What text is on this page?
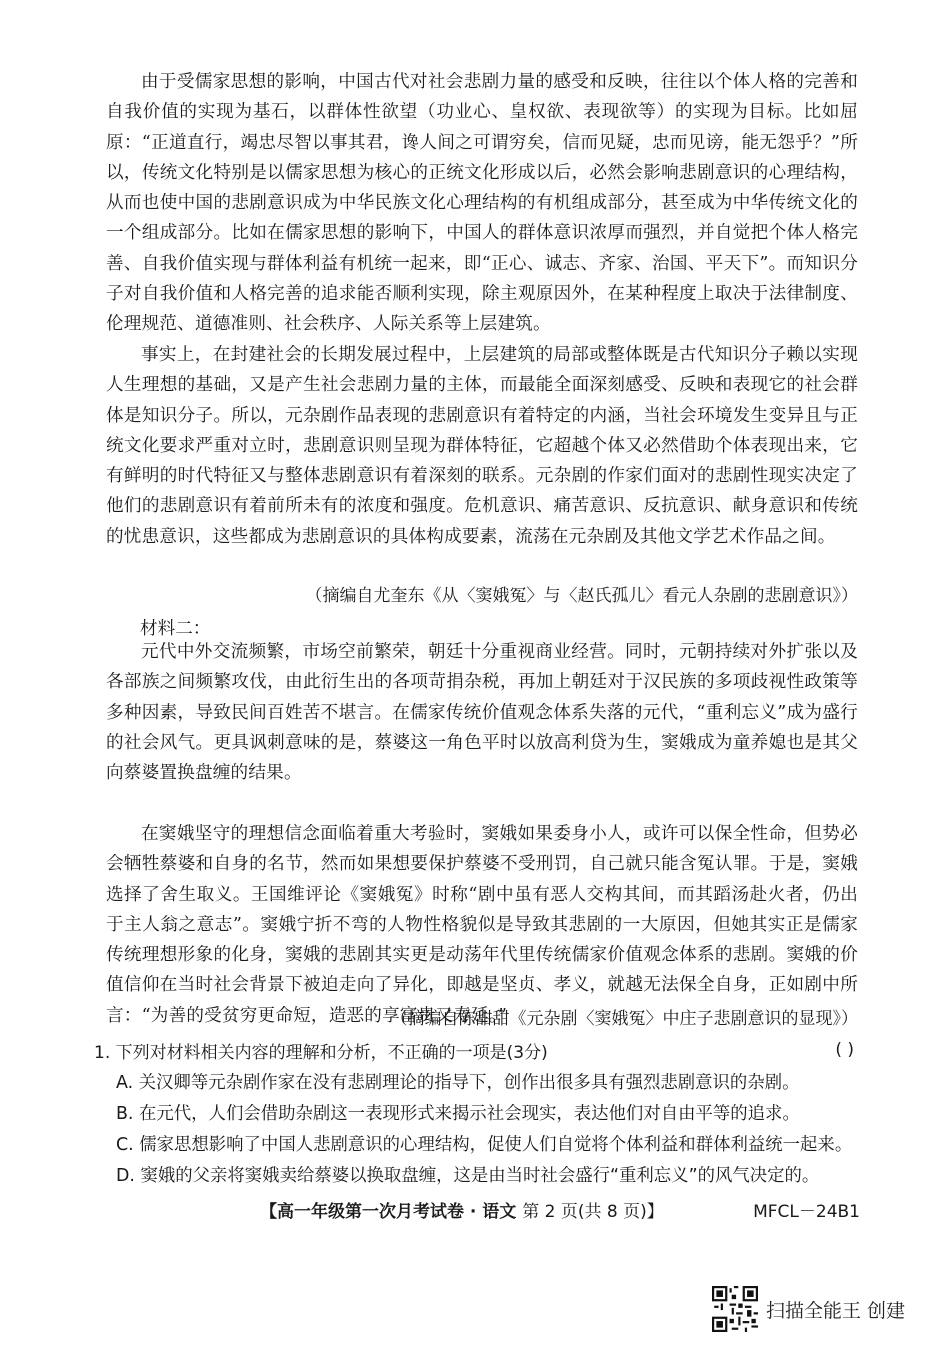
由于受儒家思想的影响，中国古代对社会悲剧力量的感受和反映，往往以个体人格的完善和自我价值的实现为基石，以群体性欲望（功业心、皇权欲、表现欲等）的实现为目标。比如屈原：“正道直行，竭忠尽智以事其君，谗人间之可谓穷矣，信而见疑，忠而见谤，能无怨乎？”所以，传统文化特别是以儒家思想为核心的正统文化形成以后，必然会影响悲剧意识的心理结构，从而也使中国的悲剧意识成为中华民族文化心理结构的有机组成部分，甚至成为中华传统文化的一个组成部分。比如在儒家思想的影响下，中国人的群体意识浓厚而强烈，并自觉把个体人格完善、自我价值实现与群体利益有机统一起来，即“正心、诚志、齐家、治国、平天下”。而知识分子对自我价值和人格完善的追求能否顺利实现，除主观原因外，在某种程度上取决于法律制度、伦理规范、道德准则、社会秩序、人际关系等上层建筑。

事实上，在封建社会的长期发展过程中，上层建筑的局部或整体既是古代知识分子赖以实现人生理想的基础，又是产生社会悲剧力量的主体，而最能全面深刻感受、反映和表现它的社会群体是知识分子。所以，元杂剧作品表现的悲剧意识有着特定的内涵，当社会环境发生变异且与正统文化要求严重对立时，悲剧意识则呈现为群体特征，它超越个体又必然借助个体表现出来，它有鲜明的时代特征又与整体悲剧意识有着深刻的联系。元杂剧的作家们面对的悲剧性现实决定了他们的悲剧意识有着前所未有的浓度和强度。危机意识、痛苦意识、反抗意识、献身意识和传统的忧患意识，这些都成为悲剧意识的具体构成要素，流荡在元杂剧及其他文学艺术作品之间。

（摘编自尤奎东《从〈窦娥冤〉与〈赵氏孤儿〉看元人杂剧的悲剧意识》）

材料二：

元代中外交流频繁，市场空前繁荣，朝廷十分重视商业经营。同时，元朝持续对外扩张以及各部族之间频繁攻伐，由此衍生出的各项苛捐杂税，再加上朝廷对于汉民族的多项歧视性政策等多种因素，导致民间百姓苦不堪言。在儒家传统价值观念体系失落的元代，“重利忘义”成为盛行的社会风气。更具讽刺意味的是，蔡婆这一角色平时以放高利贷为生，窦娥成为童养媳也是其父向蔡婆置换盘缠的结果。

在窦娥坚守的理想信念面临着重大考验时，窦娥如果委身小人，或许可以保全性命，但势必会牺牲蔡婆和自身的名节，然而如果想要保护蔡婆不受刑罚，自己就只能含冤认罪。于是，窦娥选择了舍生取义。王国维评论《窦娥冤》时称“剧中虽有恶人交构其间，而其蹈汤赴火者，仍出于主人翁之意志”。窦娥宁折不弯的人物性格貌似是导致其悲剧的一大原因，但她其实正是儒家传统理想形象的化身，窦娥的悲剧其实更是动荡年代里传统儒家价值观念体系的悲剧。窦娥的价值信仰在当时社会背景下被迫走向了异化，即越是坚贞、孝义，就越无法保全自身，正如剧中所言：“为善的受贫穷更命短，造恶的享富贵又寿延。”

（摘编自陈甜甜《元杂剧〈窦娥冤〉中庄子悲剧意识的显现》）

1. 下列对材料相关内容的理解和分析，不正确的一项是(3分)	( )

A. 关汉卿等元杂剧作家在没有悲剧理论的指导下，创作出很多具有强烈悲剧意识的杂剧。

B. 在元代，人们会借助杂剧这一表现形式来揭示社会现实，表达他们对自由平等的追求。

C. 儒家思想影响了中国人悲剧意识的心理结构，促使人们自觉将个体利益和群体利益统一起来。

D. 窦娥的父亲将窦娥卖给蔡婆以换取盘缠，这是由当时社会盛行“重利忘义”的风气决定的。

【高一年级第一次月考试卷 · 语文 第 2 页(共 8 页)】	MFCL－24B1
扫描全能王 创建
